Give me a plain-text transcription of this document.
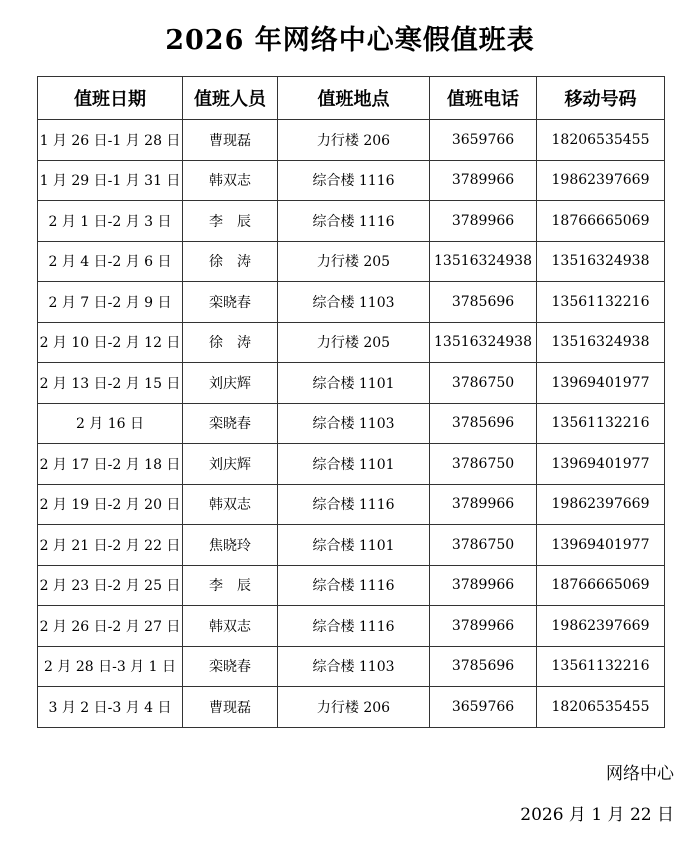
2026 年网络中心寒假值班表
值班日期	值班人员	值班地点	值班电话	移动号码
1 月 26 日-1 月 28 日	曹现磊	力行楼 206	3659766	18206535455
1 月 29 日-1 月 31 日	韩双志	综合楼 1116	3789966	19862397669
2 月 1 日-2 月 3 日	李　辰	综合楼 1116	3789966	18766665069
2 月 4 日-2 月 6 日	徐　涛	力行楼 205	13516324938	13516324938
2 月 7 日-2 月 9 日	栾晓春	综合楼 1103	3785696	13561132216
2 月 10 日-2 月 12 日	徐　涛	力行楼 205	13516324938	13516324938
2 月 13 日-2 月 15 日	刘庆辉	综合楼 1101	3786750	13969401977
2 月 16 日	栾晓春	综合楼 1103	3785696	13561132216
2 月 17 日-2 月 18 日	刘庆辉	综合楼 1101	3786750	13969401977
2 月 19 日-2 月 20 日	韩双志	综合楼 1116	3789966	19862397669
2 月 21 日-2 月 22 日	焦晓玲	综合楼 1101	3786750	13969401977
2 月 23 日-2 月 25 日	李　辰	综合楼 1116	3789966	18766665069
2 月 26 日-2 月 27 日	韩双志	综合楼 1116	3789966	19862397669
2 月 28 日-3 月 1 日	栾晓春	综合楼 1103	3785696	13561132216
3 月 2 日-3 月 4 日	曹现磊	力行楼 206	3659766	18206535455
网络中心
2026 月 1 月 22 日
